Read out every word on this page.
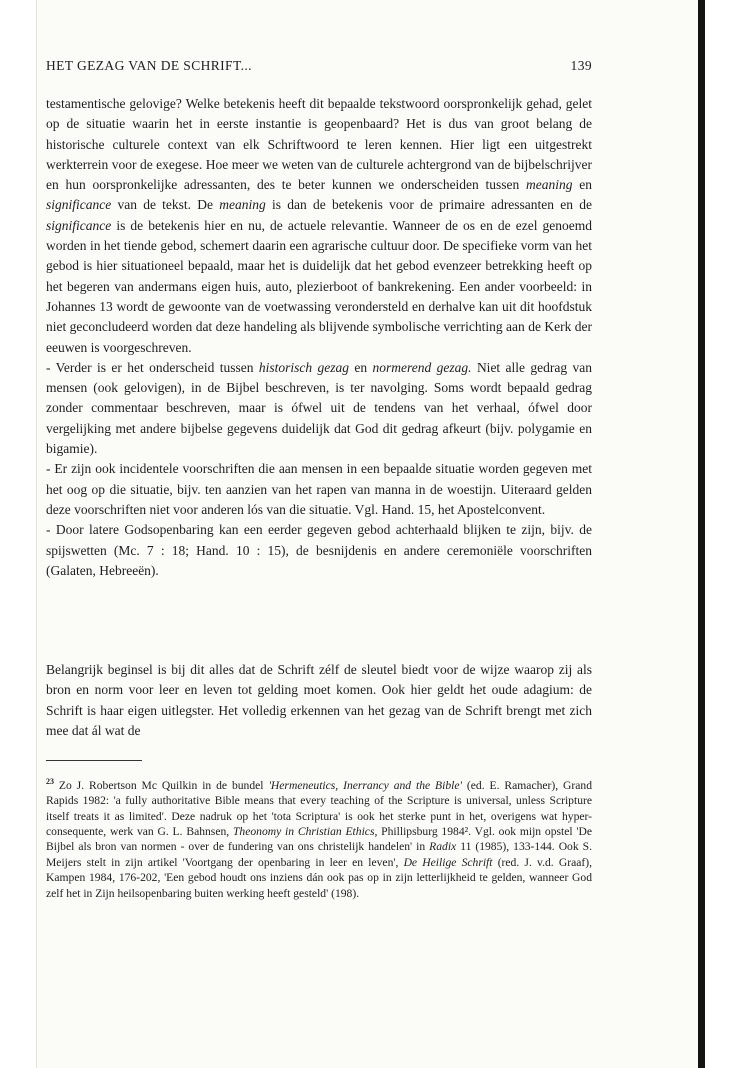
HET GEZAG VAN DE SCHRIFT...	139

testamentische gelovige? Welke betekenis heeft dit bepaalde tekstwoord oorspronkelijk gehad, gelet op de situatie waarin het in eerste instantie is geopenbaard? Het is dus van groot belang de historische culturele context van elk Schriftwoord te leren kennen. Hier ligt een uitgestrekt werkterrein voor de exegese. Hoe meer we weten van de culturele achtergrond van de bijbelschrijver en hun oorspronkelijke adressanten, des te beter kunnen we onderscheiden tussen meaning en significance van de tekst. De meaning is dan de betekenis voor de primaire adressanten en de significance is de betekenis hier en nu, de actuele relevantie. Wanneer de os en de ezel genoemd worden in het tiende gebod, schemert daarin een agrarische cultuur door. De specifieke vorm van het gebod is hier situationeel bepaald, maar het is duidelijk dat het gebod evenzeer betrekking heeft op het begeren van andermans eigen huis, auto, plezierboot of bankrekening. Een ander voorbeeld: in Johannes 13 wordt de gewoonte van de voetwassing verondersteld en derhalve kan uit dit hoofdstuk niet geconcludeerd worden dat deze handeling als blijvende symbolische verrichting aan de Kerk der eeuwen is voorgeschreven.

- Verder is er het onderscheid tussen historisch gezag en normerend gezag. Niet alle gedrag van mensen (ook gelovigen), in de Bijbel beschreven, is ter navolging. Soms wordt bepaald gedrag zonder commentaar beschreven, maar is ófwel uit de tendens van het verhaal, ófwel door vergelijking met andere bijbelse gegevens duidelijk dat God dit gedrag afkeurt (bijv. polygamie en bigamie).

- Er zijn ook incidentele voorschriften die aan mensen in een bepaalde situatie worden gegeven met het oog op die situatie, bijv. ten aanzien van het rapen van manna in de woestijn. Uiteraard gelden deze voorschriften niet voor anderen lós van die situatie. Vgl. Hand. 15, het Apostelconvent.

- Door latere Godsopenbaring kan een eerder gegeven gebod achterhaald blijken te zijn, bijv. de spijswetten (Mc. 7 : 18; Hand. 10 : 15), de besnijdenis en andere ceremoniële voorschriften (Galaten, Hebreeën).

Belangrijk beginsel is bij dit alles dat de Schrift zélf de sleutel biedt voor de wijze waarop zij als bron en norm voor leer en leven tot gelding moet komen. Ook hier geldt het oude adagium: de Schrift is haar eigen uitlegster. Het volledig erkennen van het gezag van de Schrift brengt met zich mee dat ál wat de

$^{23}$ Zo J. Robertson Mc Quilkin in de bundel 'Hermeneutics, Inerrancy and the Bible' (ed. E. Ramacher), Grand Rapids 1982: 'a fully authoritative Bible means that every teaching of the Scripture is universal, unless Scripture itself treats it as limited'. Deze nadruk op het 'tota Scriptura' is ook het sterke punt in het, overigens wat hyper-consequente, werk van G. L. Bahnsen, Theonomy in Christian Ethics, Phillipsburg 1984². Vgl. ook mijn opstel 'De Bijbel als bron van normen - over de fundering van ons christelijk handelen' in Radix 11 (1985), 133-144. Ook S. Meijers stelt in zijn artikel 'Voortgang der openbaring in leer en leven', De Heilige Schrift (red. J. v.d. Graaf), Kampen 1984, 176-202, 'Een gebod houdt ons inziens dán ook pas op in zijn letterlijkheid te gelden, wanneer God zelf het in Zijn heilsopenbaring buiten werking heeft gesteld' (198).
